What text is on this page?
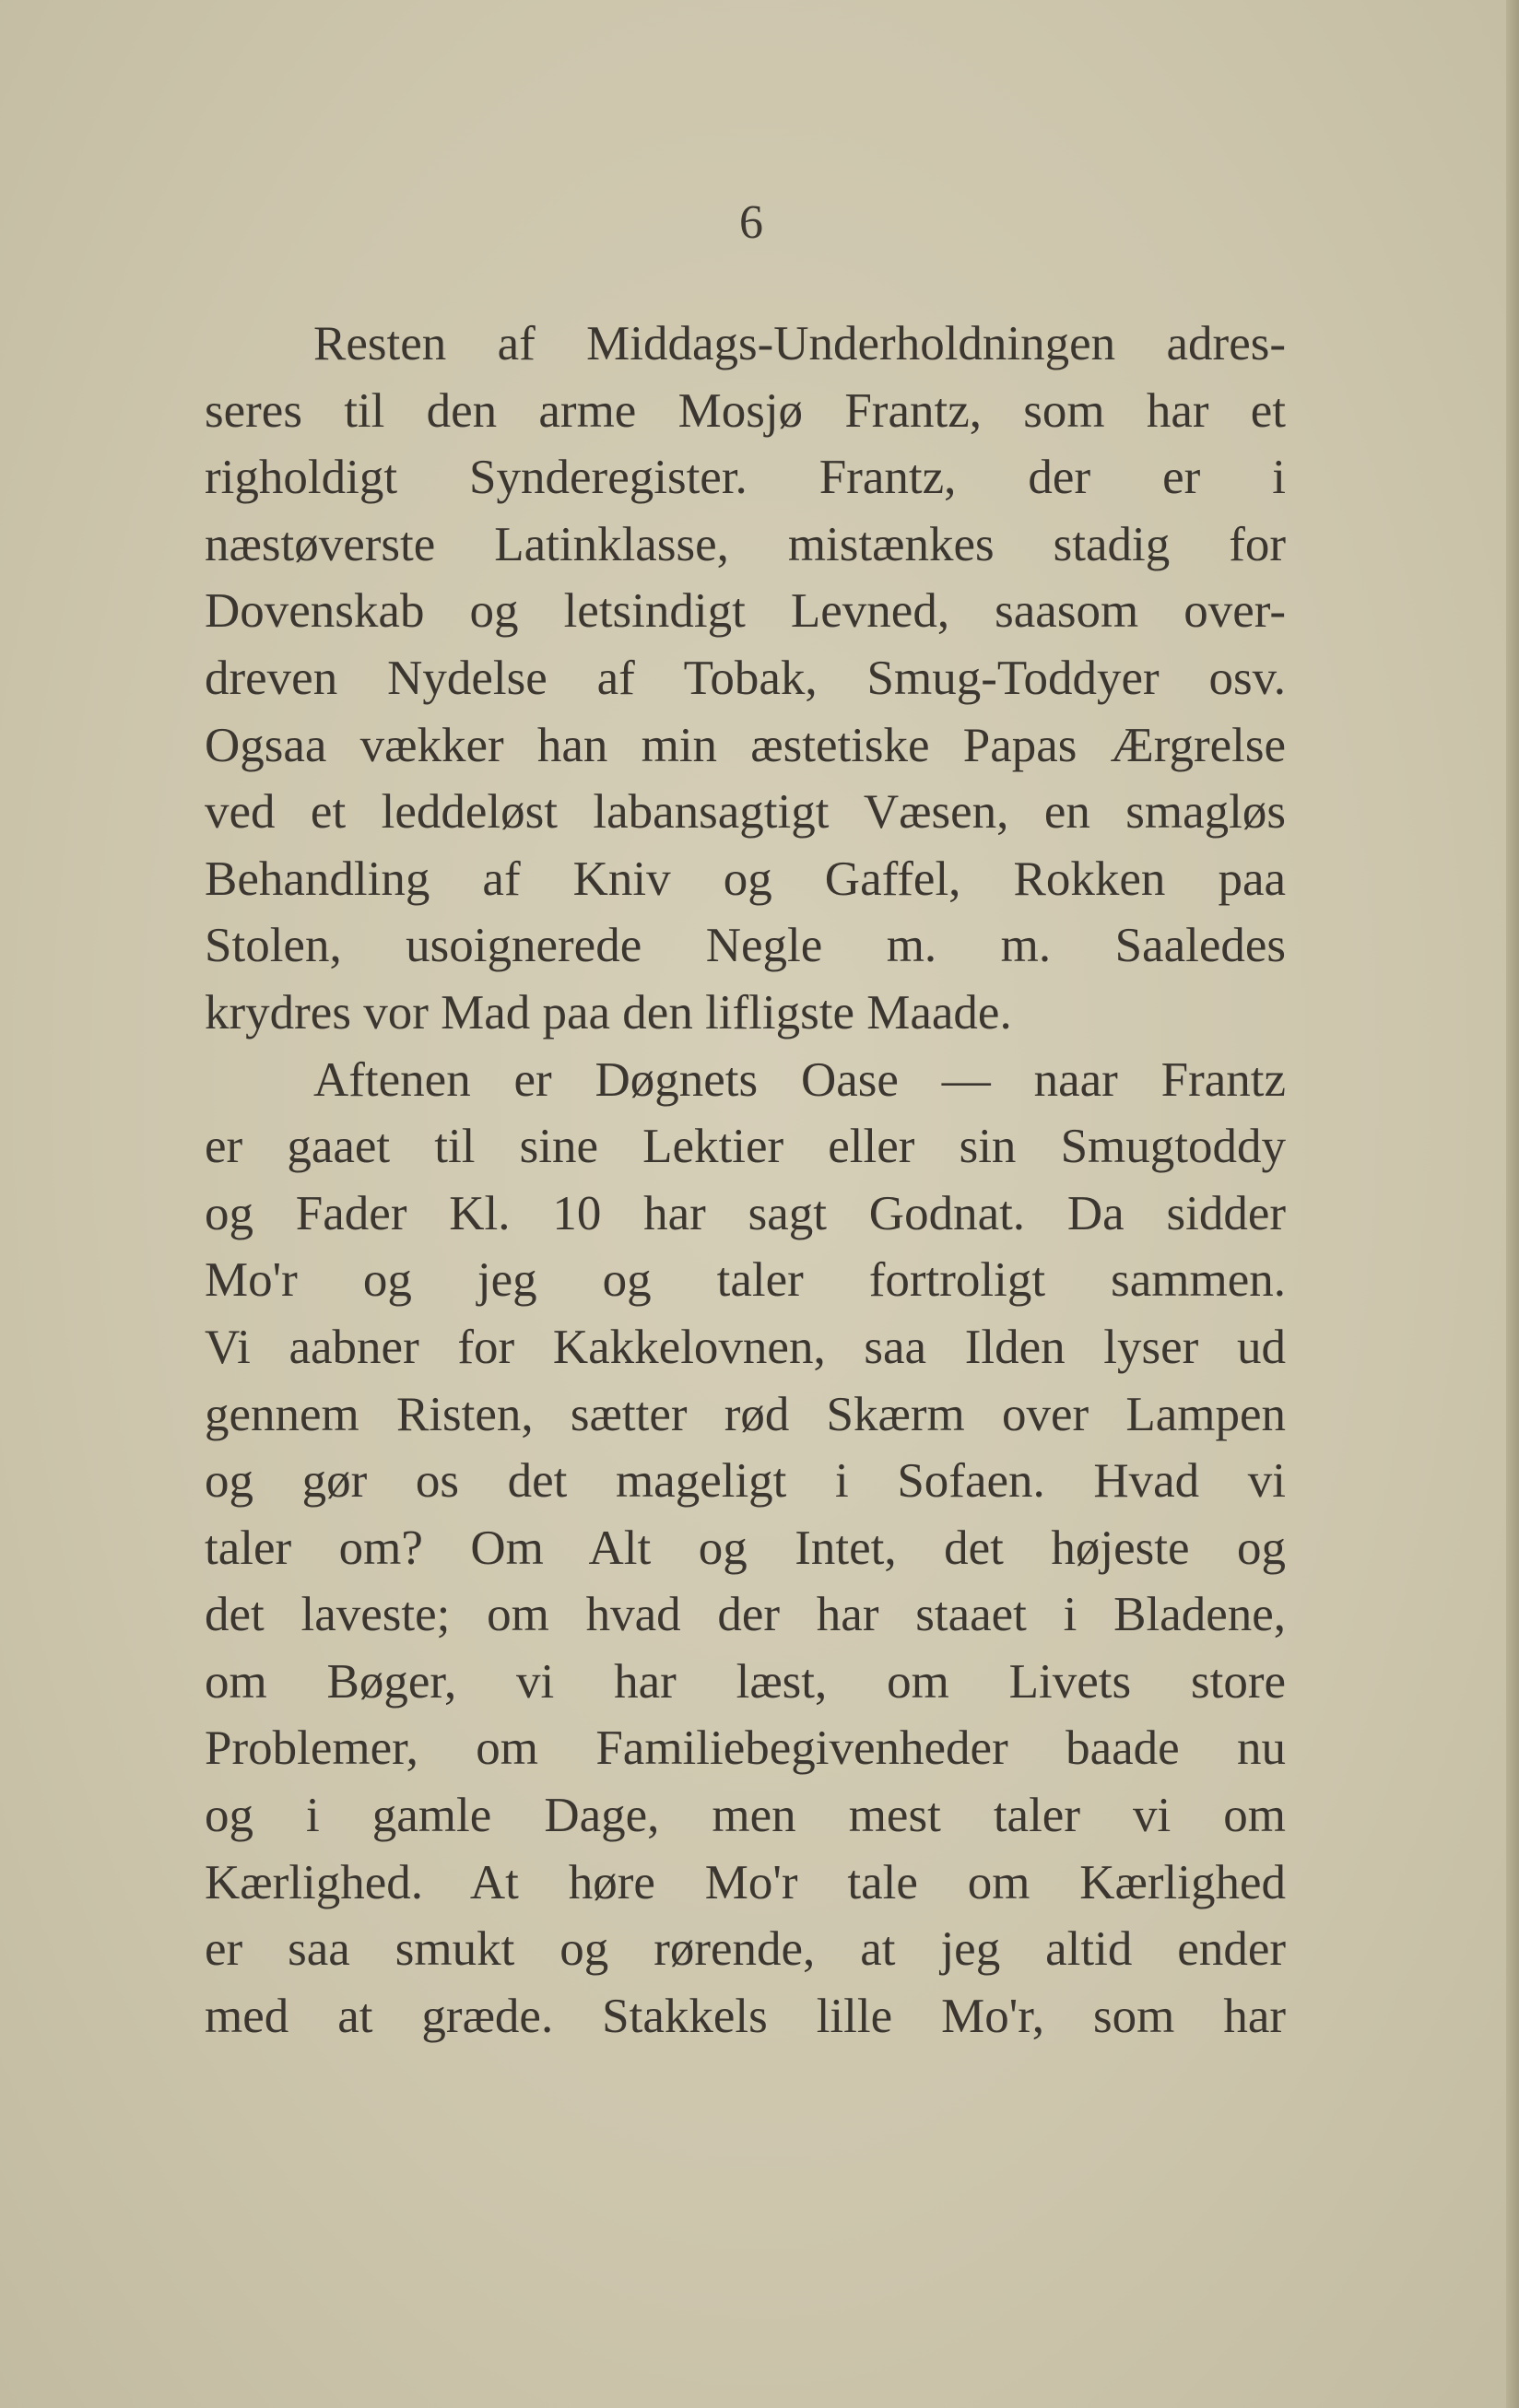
6

Resten af Middags-Underholdningen adres-
seres til den arme Mosjø Frantz, som har et
righoldigt Synderegister. Frantz, der er i
næstøverste Latinklasse, mistænkes stadig for
Dovenskab og letsindigt Levned, saasom over-
dreven Nydelse af Tobak, Smug-Toddyer osv.
Ogsaa vækker han min æstetiske Papas Ærgrelse
ved et leddeløst labansagtigt Væsen, en smagløs
Behandling af Kniv og Gaffel, Rokken paa
Stolen, usoignerede Negle m. m. Saaledes
krydres vor Mad paa den lifligste Maade.
Aftenen er Døgnets Oase — naar Frantz
er gaaet til sine Lektier eller sin Smugtoddy
og Fader Kl. 10 har sagt Godnat. Da sidder
Mo'r og jeg og taler fortroligt sammen.
Vi aabner for Kakkelovnen, saa Ilden lyser ud
gennem Risten, sætter rød Skærm over Lampen
og gør os det mageligt i Sofaen. Hvad vi
taler om? Om Alt og Intet, det højeste og
det laveste; om hvad der har staaet i Bladene,
om Bøger, vi har læst, om Livets store
Problemer, om Familiebegivenheder baade nu
og i gamle Dage, men mest taler vi om
Kærlighed. At høre Mo'r tale om Kærlighed
er saa smukt og rørende, at jeg altid ender
med at græde. Stakkels lille Mo'r, som har
